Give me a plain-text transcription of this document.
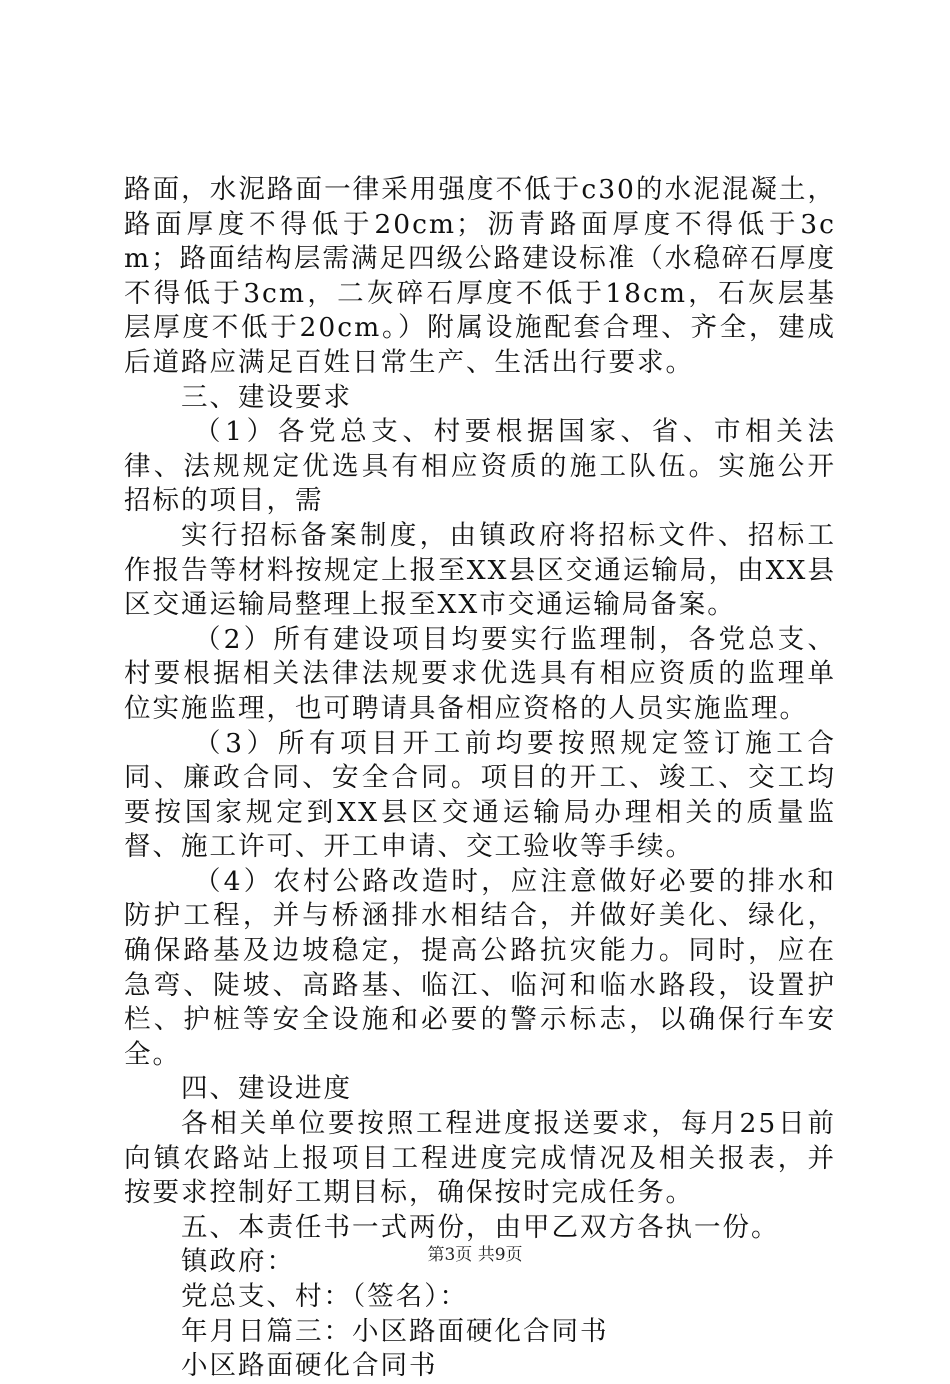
路面，水泥路面一律采用强度不低于c30的水泥混凝土，路面厚度不得低于20cm；沥青路面厚度不得低于3cm；路面结构层需满足四级公路建设标准（水稳碎石厚度不得低于3cm，二灰碎石厚度不低于18cm，石灰层基层厚度不低于20cm。）附属设施配套合理、齐全，建成后道路应满足百姓日常生产、生活出行要求。

三、建设要求

（1）各党总支、村要根据国家、省、市相关法律、法规规定优选具有相应资质的施工队伍。实施公开招标的项目，需

实行招标备案制度，由镇政府将招标文件、招标工作报告等材料按规定上报至XX县区交通运输局，由XX县区交通运输局整理上报至XX市交通运输局备案。

（2）所有建设项目均要实行监理制，各党总支、村要根据相关法律法规要求优选具有相应资质的监理单位实施监理，也可聘请具备相应资格的人员实施监理。

（3）所有项目开工前均要按照规定签订施工合同、廉政合同、安全合同。项目的开工、竣工、交工均要按国家规定到XX县区交通运输局办理相关的质量监督、施工许可、开工申请、交工验收等手续。

（4）农村公路改造时，应注意做好必要的排水和防护工程，并与桥涵排水相结合，并做好美化、绿化，确保路基及边坡稳定，提高公路抗灾能力。同时，应在急弯、陡坡、高路基、临江、临河和临水路段，设置护栏、护桩等安全设施和必要的警示标志，以确保行车安全。

四、建设进度

各相关单位要按照工程进度报送要求，每月25日前向镇农路站上报项目工程进度完成情况及相关报表，并按要求控制好工期目标，确保按时完成任务。

五、本责任书一式两份，由甲乙双方各执一份。

镇政府：

党总支、村：（签名）：

年月日篇三：小区路面硬化合同书

小区路面硬化合同书

第3页 共9页
